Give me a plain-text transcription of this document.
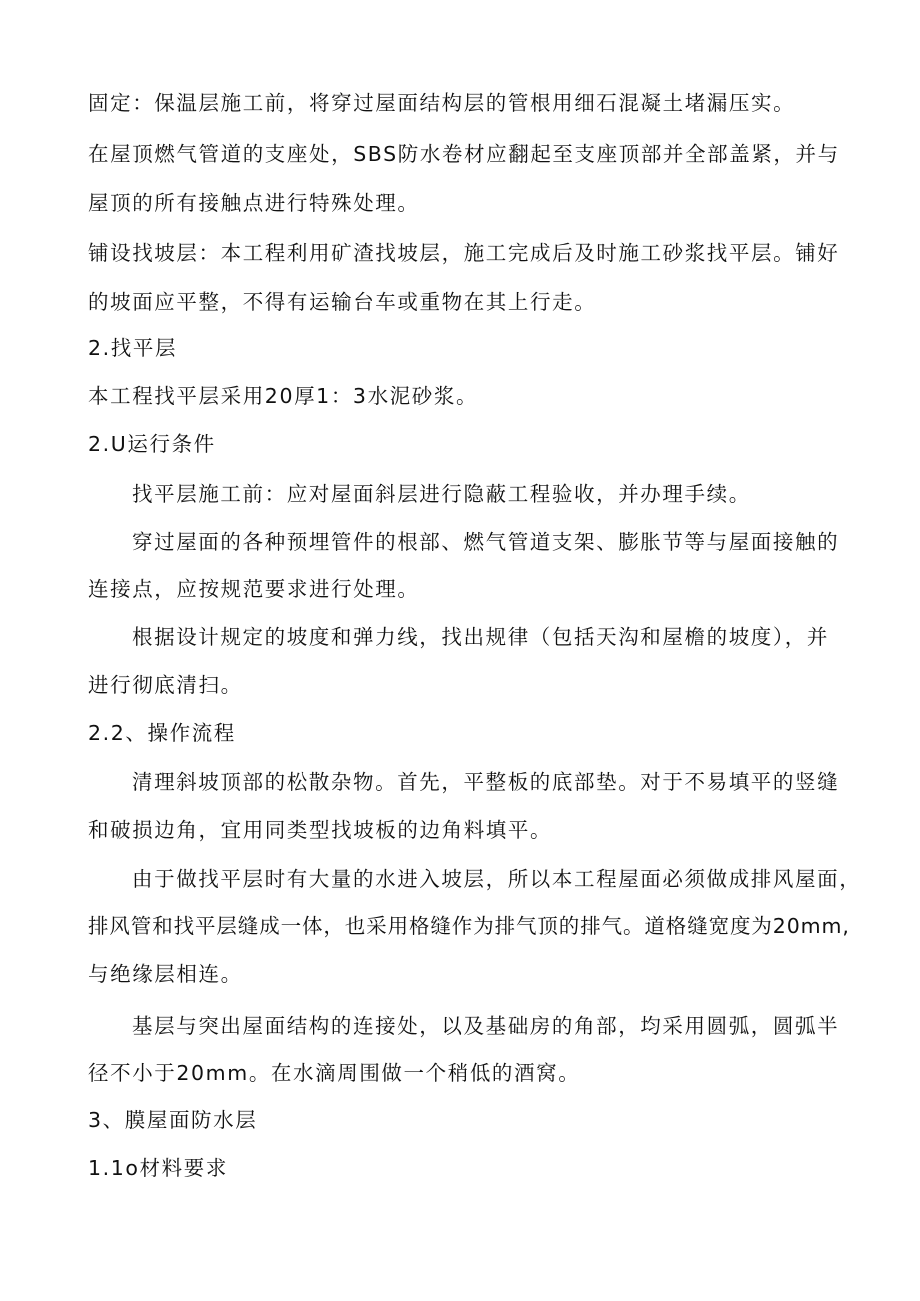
固定：保温层施工前，将穿过屋面结构层的管根用细石混凝土堵漏压实。
在屋顶燃气管道的支座处，SBS防水卷材应翻起至支座顶部并全部盖紧，并与
屋顶的所有接触点进行特殊处理。
铺设找坡层：本工程利用矿渣找坡层，施工完成后及时施工砂浆找平层。铺好
的坡面应平整，不得有运输台车或重物在其上行走。
2.找平层
本工程找平层采用20厚1：3水泥砂浆。
2.U运行条件
找平层施工前：应对屋面斜层进行隐蔽工程验收，并办理手续。
穿过屋面的各种预埋管件的根部、燃气管道支架、膨胀节等与屋面接触的
连接点，应按规范要求进行处理。
根据设计规定的坡度和弹力线，找出规律（包括天沟和屋檐的坡度），并
进行彻底清扫。
2.2、操作流程
清理斜坡顶部的松散杂物。首先，平整板的底部垫。对于不易填平的竖缝
和破损边角，宜用同类型找坡板的边角料填平。
由于做找平层时有大量的水进入坡层，所以本工程屋面必须做成排风屋面，
排风管和找平层缝成一体，也采用格缝作为排气顶的排气。道格缝宽度为20mm,
与绝缘层相连。
基层与突出屋面结构的连接处，以及基础房的角部，均采用圆弧，圆弧半
径不小于20mm。在水滴周围做一个稍低的酒窝。
3、膜屋面防水层
1.1o材料要求
